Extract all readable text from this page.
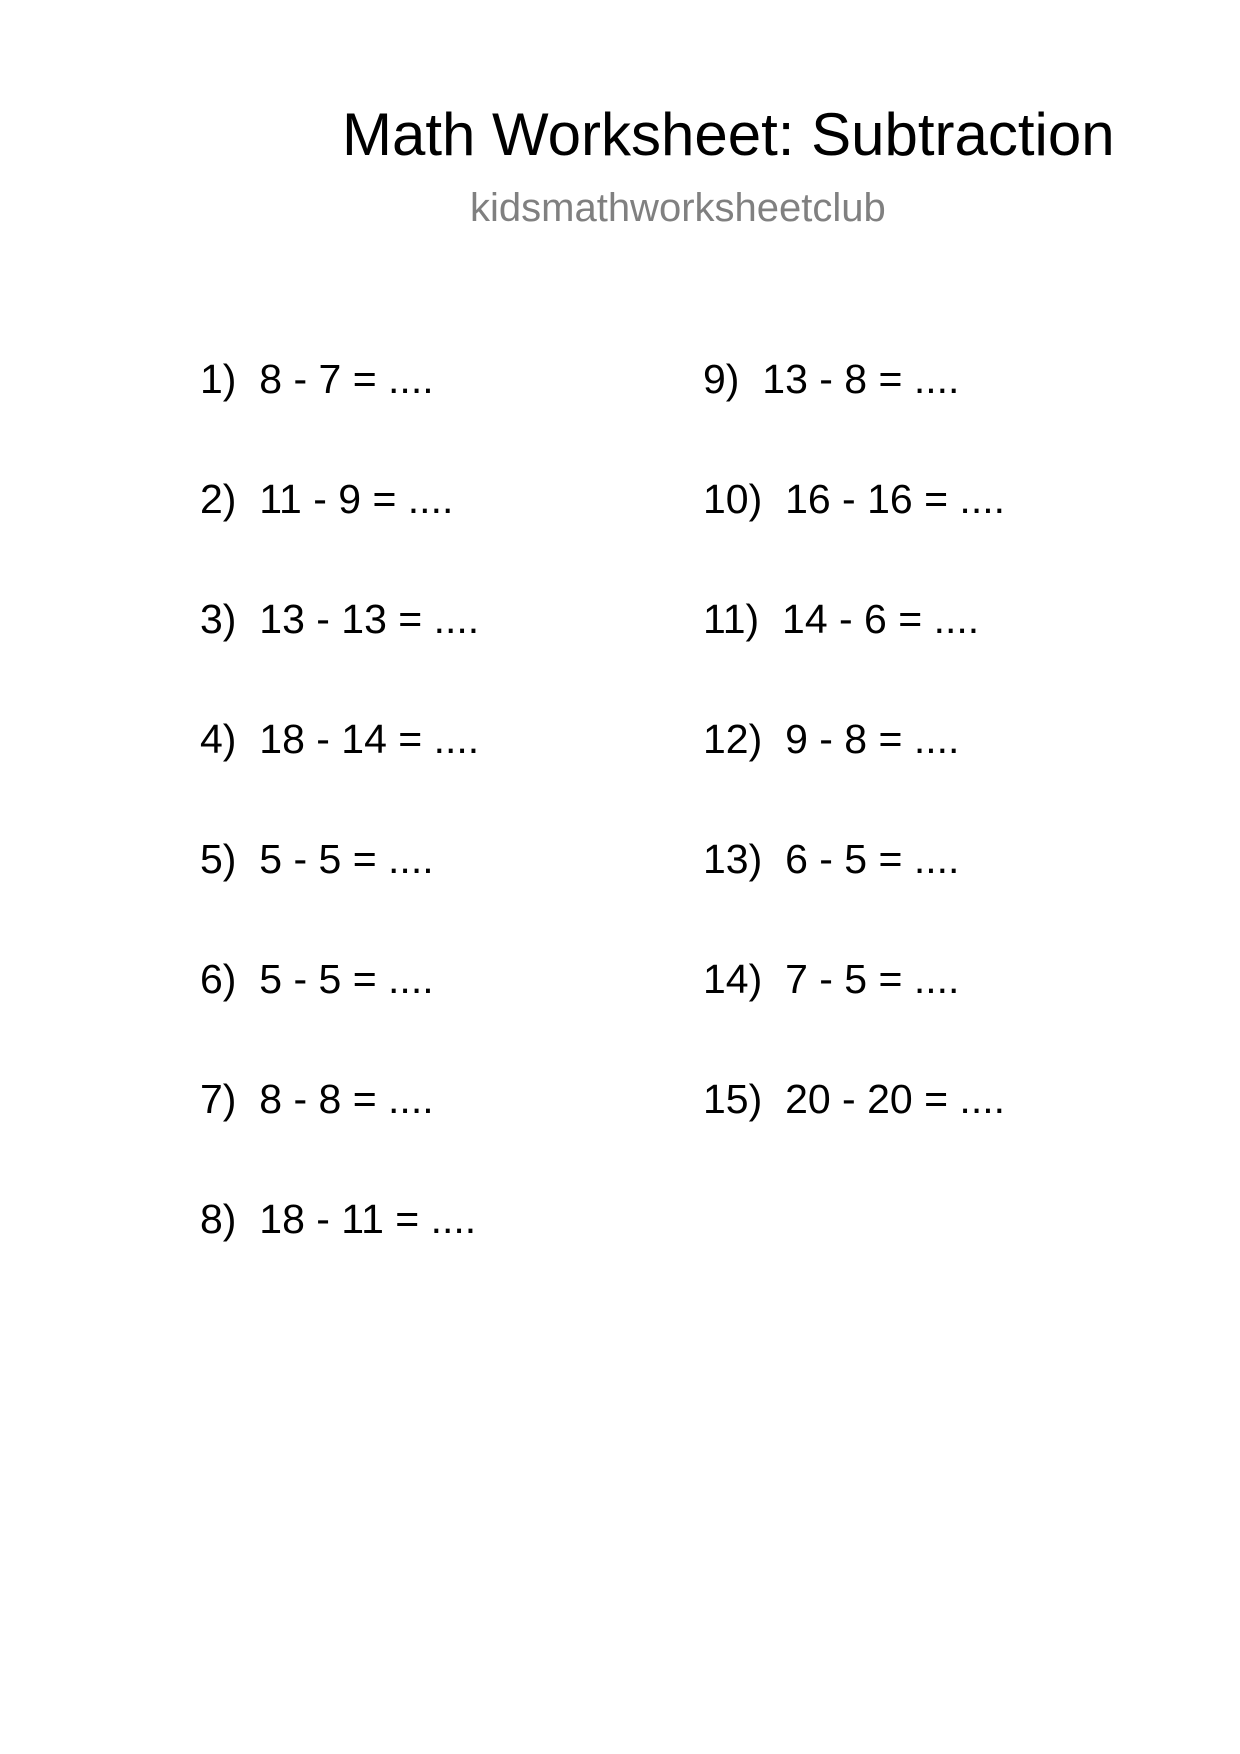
Math Worksheet: Subtraction
kidsmathworksheetclub
1) 8 - 7 = ....
2) 11 - 9 = ....
3) 13 - 13 = ....
4) 18 - 14 = ....
5) 5 - 5 = ....
6) 5 - 5 = ....
7) 8 - 8 = ....
8) 18 - 11 = ....
9) 13 - 8 = ....
10) 16 - 16 = ....
11) 14 - 6 = ....
12) 9 - 8 = ....
13) 6 - 5 = ....
14) 7 - 5 = ....
15) 20 - 20 = ....
